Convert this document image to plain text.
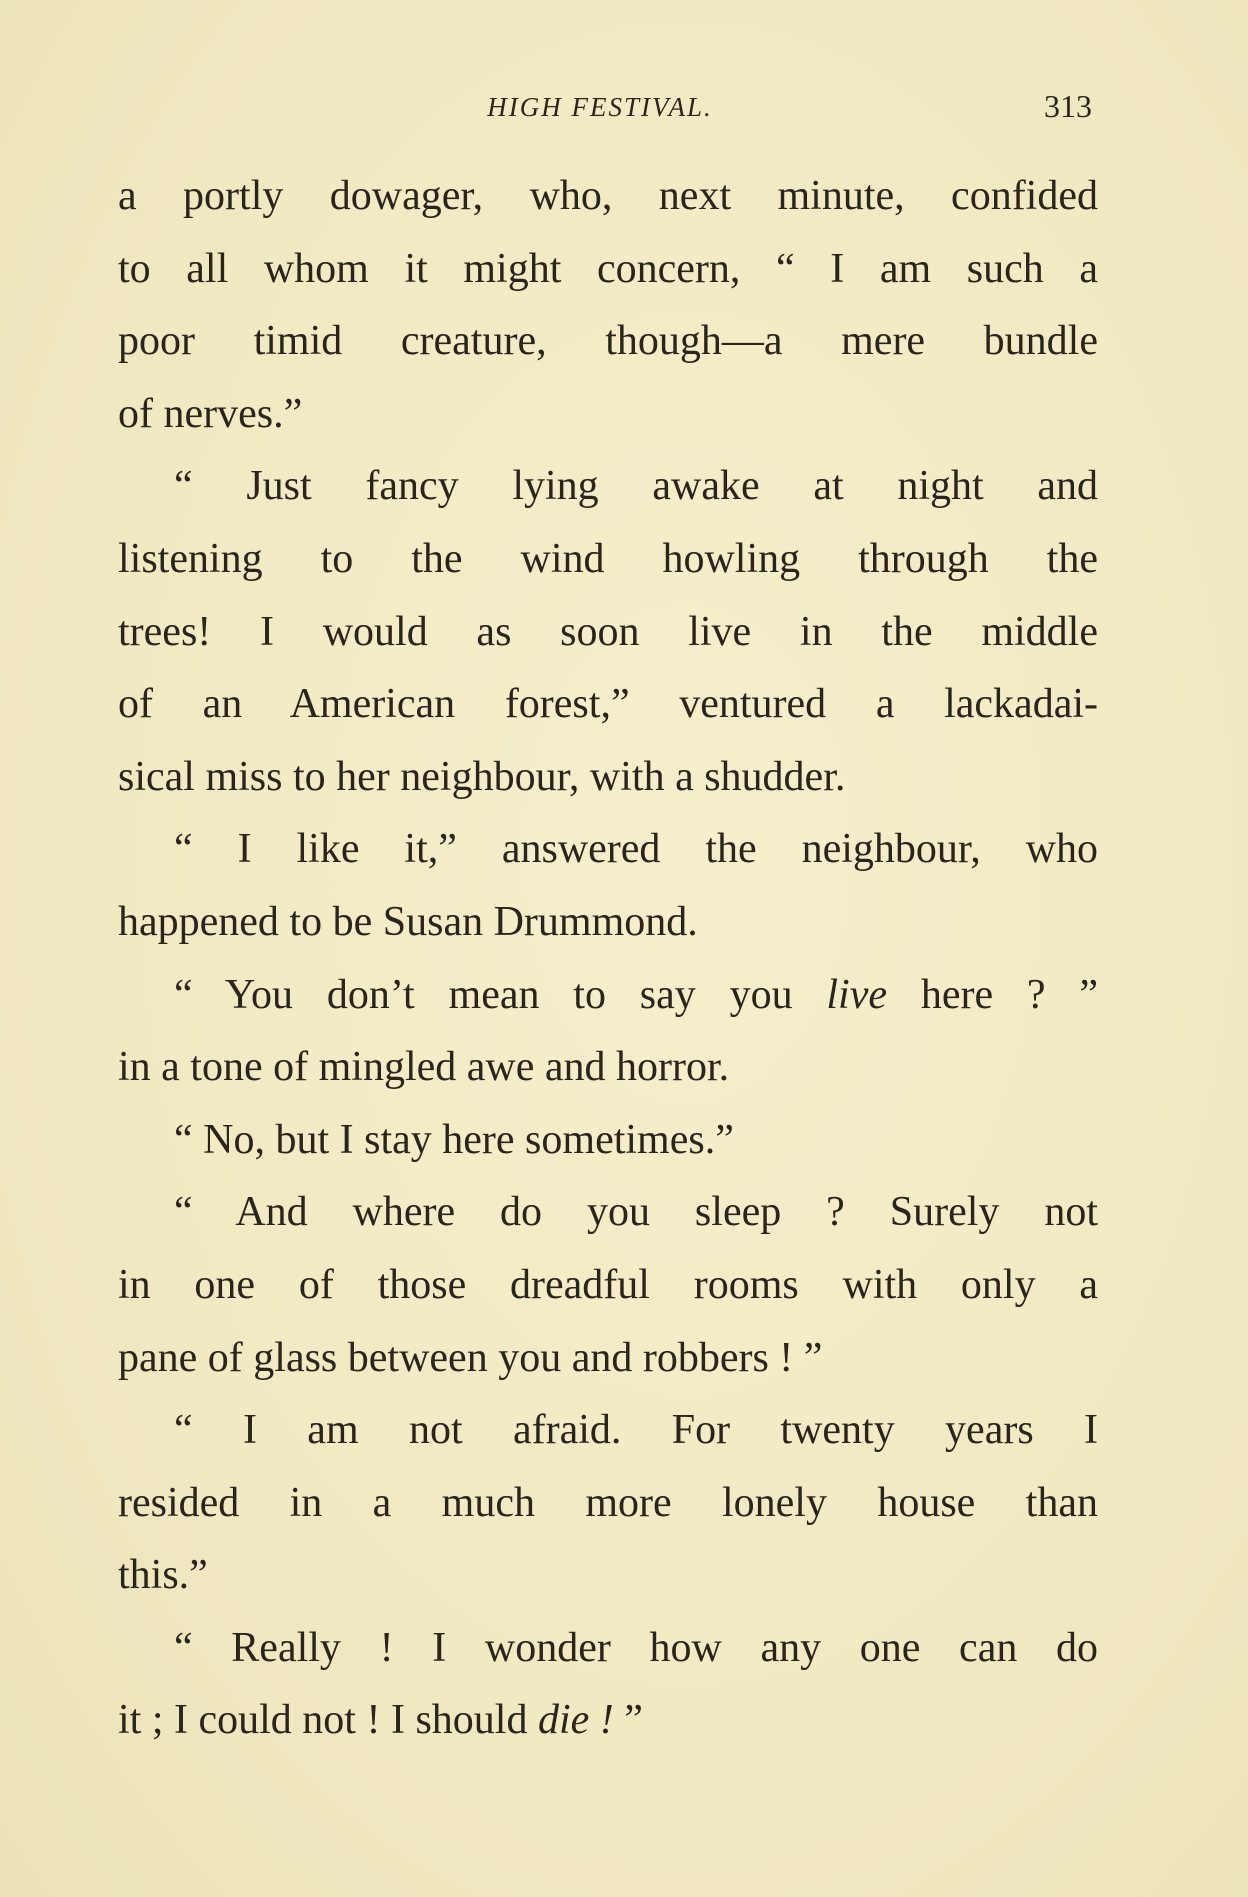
HIGH FESTIVAL.	313
a portly dowager, who, next minute, confided
to all whom it might concern, “ I am such a
poor timid creature, though—a mere bundle
of nerves.”
“ Just fancy lying awake at night and
listening to the wind howling through the
trees! I would as soon live in the middle
of an American forest,” ventured a lackadai-
sical miss to her neighbour, with a shudder.
“ I like it,” answered the neighbour, who
happened to be Susan Drummond.
“ You don’t mean to say you live here ? ”
in a tone of mingled awe and horror.
“ No, but I stay here sometimes.”
“ And where do you sleep ? Surely not
in one of those dreadful rooms with only a
pane of glass between you and robbers ! ”
“ I am not afraid. For twenty years I
resided in a much more lonely house than
this.”
“ Really ! I wonder how any one can do
it ; I could not ! I should die ! ”
